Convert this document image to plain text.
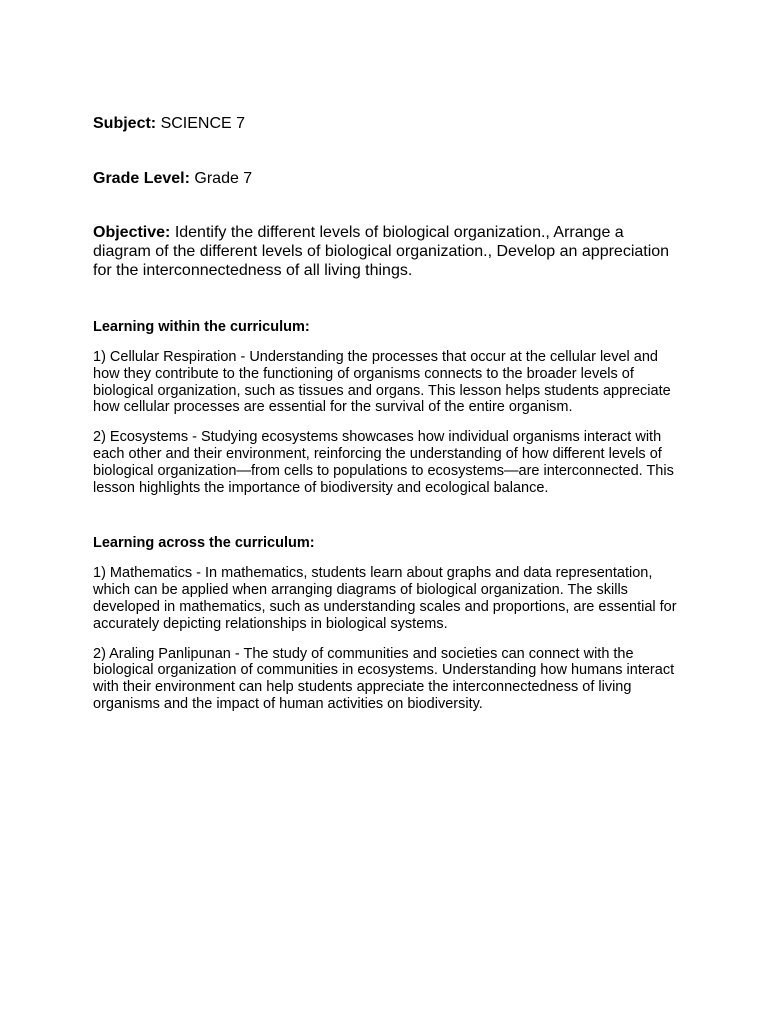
Subject: SCIENCE 7

Grade Level: Grade 7

Objective: Identify the different levels of biological organization., Arrange a diagram of the different levels of biological organization., Develop an appreciation for the interconnectedness of all living things.

Learning within the curriculum:

1) Cellular Respiration - Understanding the processes that occur at the cellular level and how they contribute to the functioning of organisms connects to the broader levels of biological organization, such as tissues and organs. This lesson helps students appreciate how cellular processes are essential for the survival of the entire organism.

2) Ecosystems - Studying ecosystems showcases how individual organisms interact with each other and their environment, reinforcing the understanding of how different levels of biological organization—from cells to populations to ecosystems—are interconnected. This lesson highlights the importance of biodiversity and ecological balance.

Learning across the curriculum:

1) Mathematics - In mathematics, students learn about graphs and data representation, which can be applied when arranging diagrams of biological organization. The skills developed in mathematics, such as understanding scales and proportions, are essential for accurately depicting relationships in biological systems.

2) Araling Panlipunan - The study of communities and societies can connect with the biological organization of communities in ecosystems. Understanding how humans interact with their environment can help students appreciate the interconnectedness of living organisms and the impact of human activities on biodiversity.
